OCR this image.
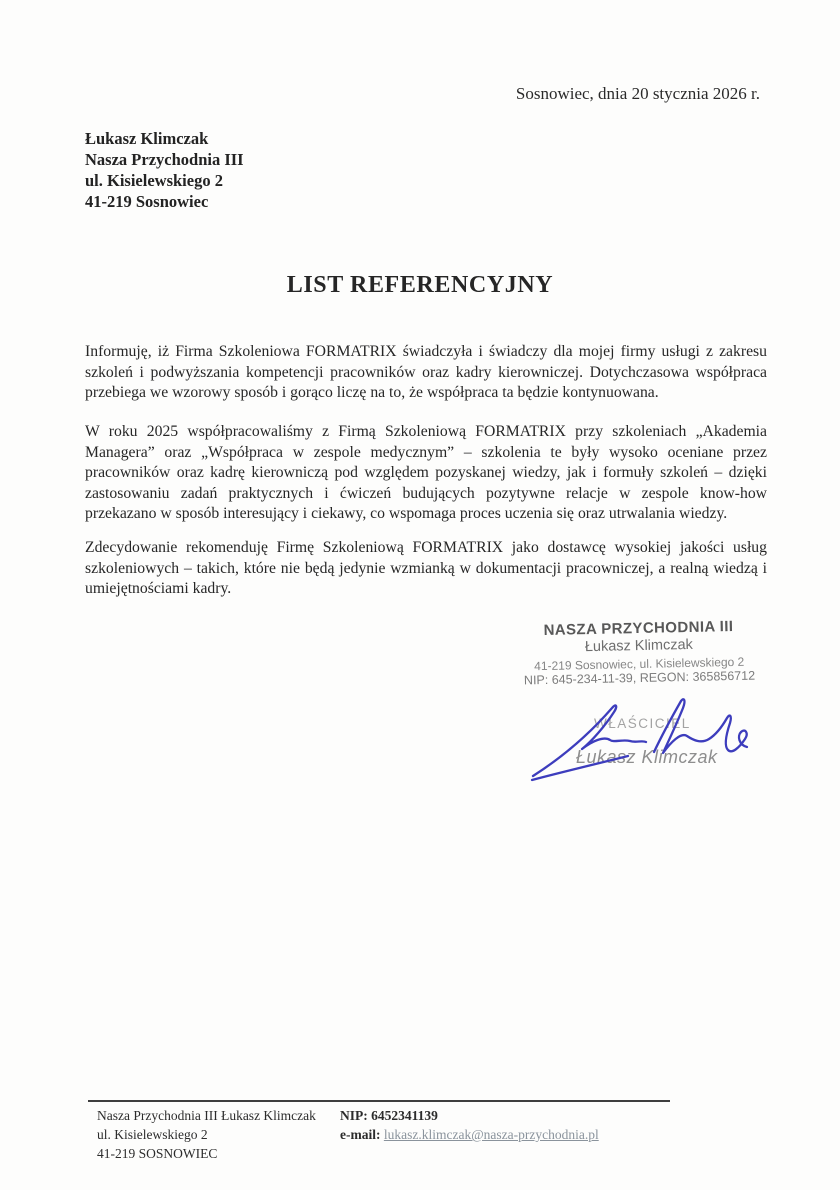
Sosnowiec, dnia 20 stycznia 2026 r.
Łukasz Klimczak
Nasza Przychodnia III
ul. Kisielewskiego 2
41-219 Sosnowiec
LIST REFERENCYJNY
Informuję, iż Firma Szkoleniowa FORMATRIX świadczyła i świadczy dla mojej firmy usługi z zakresu szkoleń i podwyższania kompetencji pracowników oraz kadry kierowniczej. Dotychczasowa współpraca przebiega we wzorowy sposób i gorąco liczę na to, że współpraca ta będzie kontynuowana.
W roku 2025 współpracowaliśmy z Firmą Szkoleniową FORMATRIX przy szkoleniach „Akademia Managera” oraz „Współpraca w zespole medycznym” – szkolenia te były wysoko oceniane przez pracowników oraz kadrę kierowniczą pod względem pozyskanej wiedzy, jak i formuły szkoleń – dzięki zastosowaniu zadań praktycznych i ćwiczeń budujących pozytywne relacje w zespole know-how przekazano w sposób interesujący i ciekawy, co wspomaga proces uczenia się oraz utrwalania wiedzy.
Zdecydowanie rekomenduję Firmę Szkoleniową FORMATRIX jako dostawcę wysokiej jakości usług szkoleniowych – takich, które nie będą jedynie wzmianką w dokumentacji pracowniczej, a realną wiedzą i umiejętnościami kadry.
NASZA PRZYCHODNIA III
Łukasz Klimczak
41-219 Sosnowiec, ul. Kisielewskiego 2
NIP: 645-234-11-39, REGON: 365856712
WŁAŚCICIEL
Łukasz Klimczak
Nasza Przychodnia III Łukasz Klimczak
ul. Kisielewskiego 2
41-219 SOSNOWIEC
NIP: 6452341139
e-mail: lukasz.klimczak@nasza-przychodnia.pl
